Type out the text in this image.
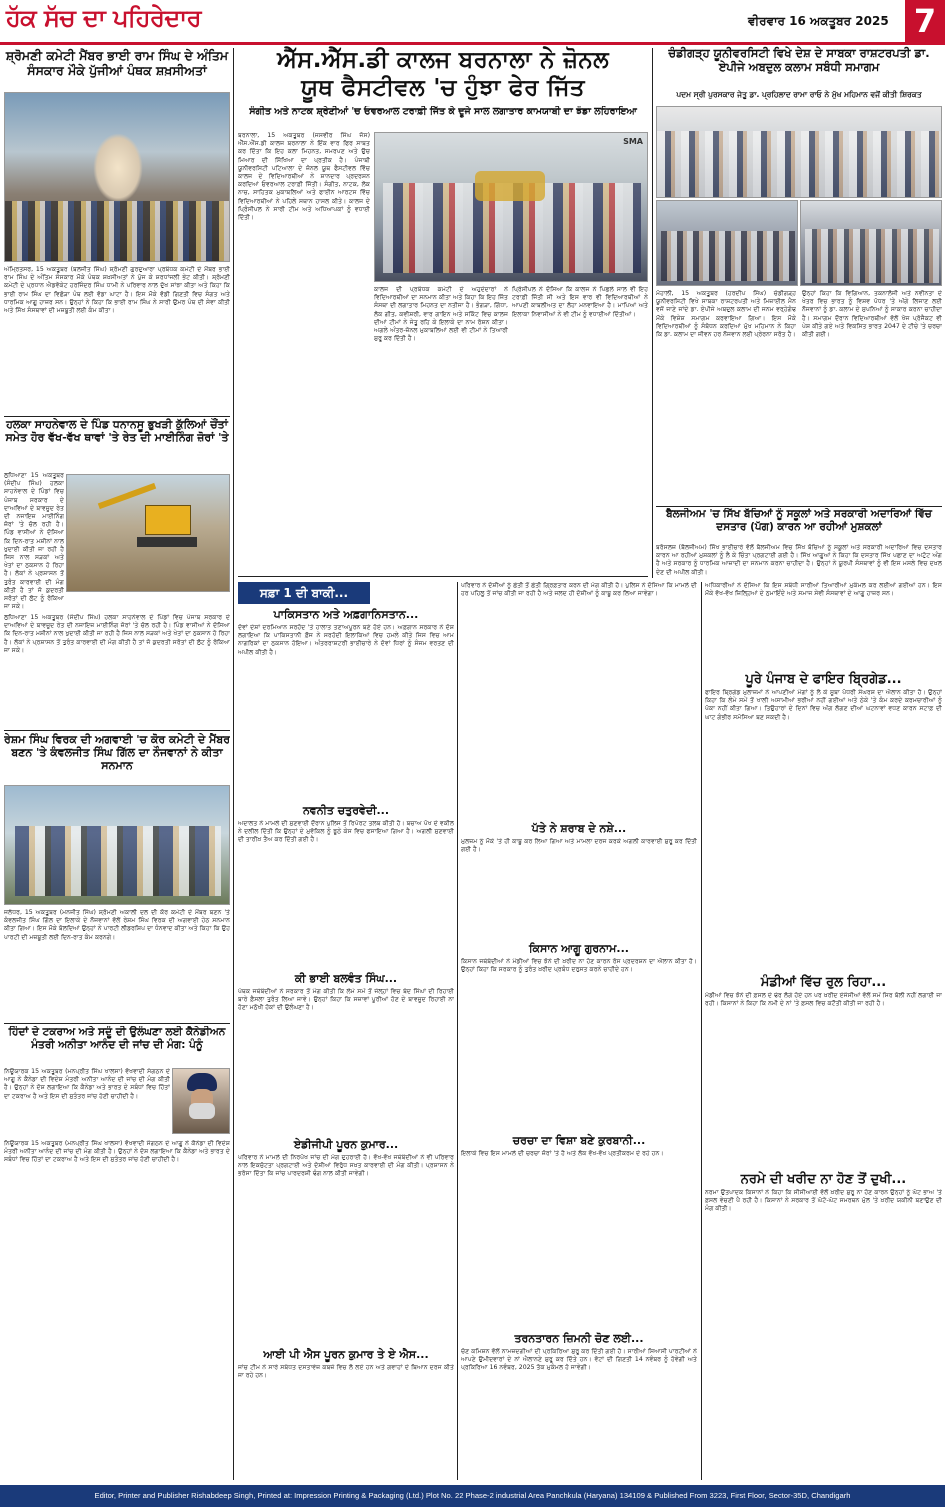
ਹੱਕ ਸੱਚ ਦਾ ਪਹਿਰੇਦਾਰ	ਵੀਰਵਾਰ 16 ਅਕਤੂਬਰ 2025 7
ਸ਼੍ਰੋਮਣੀ ਕਮੇਟੀ ਮੈਂਬਰ ਭਾਈ ਰਾਮ ਸਿੰਘ ਦੇ ਅੰਤਿਮ ਸੰਸਕਾਰ ਮੌਕੇ ਪੁੱਜੀਆਂ ਪੰਥਕ ਸ਼ਖ਼ਸੀਅਤਾਂ
ਅੰਮ੍ਰਿਤਸਰ, 15 ਅਕਤੂਬਰ (ਬਲਜੀਤ ਸਿੰਘ) ਸ਼੍ਰੋਮਣੀ ਗੁਰਦੁਆਰਾ ਪ੍ਰਬੰਧਕ ਕਮੇਟੀ ਦੇ ਮੈਂਬਰ ਭਾਈ ਰਾਮ ਸਿੰਘ ਦੇ ਅੰਤਿਮ ਸੰਸਕਾਰ ਮੌਕੇ ਪੰਥਕ ਸ਼ਖ਼ਸੀਅਤਾਂ ਨੇ ਪੁੱਜ ਕੇ ਸ਼ਰਧਾਂਜਲੀ ਭੇਟ ਕੀਤੀ। ਸ਼੍ਰੋਮਣੀ ਕਮੇਟੀ ਦੇ ਪ੍ਰਧਾਨ ਐਡਵੋਕੇਟ ਹਰਜਿੰਦਰ ਸਿੰਘ ਧਾਮੀ ਨੇ ਪਰਿਵਾਰ ਨਾਲ ਦੁੱਖ ਸਾਂਝਾ ਕੀਤਾ ਅਤੇ ਕਿਹਾ ਕਿ ਭਾਈ ਰਾਮ ਸਿੰਘ ਦਾ ਵਿਛੋੜਾ ਪੰਥ ਲਈ ਵੱਡਾ ਘਾਟਾ ਹੈ। ਇਸ ਮੌਕੇ ਵੱਡੀ ਗਿਣਤੀ ਵਿਚ ਸੰਗਤ ਅਤੇ ਧਾਰਮਿਕ ਆਗੂ ਹਾਜ਼ਰ ਸਨ। ਉਨ੍ਹਾਂ ਨੇ ਕਿਹਾ ਕਿ ਭਾਈ ਰਾਮ ਸਿੰਘ ਨੇ ਸਾਰੀ ਉਮਰ ਪੰਥ ਦੀ ਸੇਵਾ ਕੀਤੀ ਅਤੇ ਸਿੱਖ ਸੰਸਥਾਵਾਂ ਦੀ ਮਜ਼ਬੂਤੀ ਲਈ ਕੰਮ ਕੀਤਾ।
ਹਲਕਾ ਸਾਹਨੇਵਾਲ ਦੇ ਪਿੰਡ ਧਨਾਨਸੂ ਭੁਖੜੀ ਕੁੱਲਿਆਂ ਚੌਂਤਾਂ ਸਮੇਤ ਹੋਰ ਵੱਖ-ਵੱਖ ਥਾਵਾਂ 'ਤੇ ਰੇਤ ਦੀ ਮਾਈਨਿੰਗ ਜ਼ੋਰਾਂ 'ਤੇ
ਲੁਧਿਆਣਾ 15 ਅਕਤੂਬਰ (ਸੰਦੀਪ ਸਿੰਘ) ਹਲਕਾ ਸਾਹਨੇਵਾਲ ਦੇ ਪਿੰਡਾਂ ਵਿਚ ਪੰਜਾਬ ਸਰਕਾਰ ਦੇ ਦਾਅਵਿਆਂ ਦੇ ਬਾਵਜੂਦ ਰੇਤ ਦੀ ਨਜਾਇਜ਼ ਮਾਈਨਿੰਗ ਜ਼ੋਰਾਂ 'ਤੇ ਚੱਲ ਰਹੀ ਹੈ। ਪਿੰਡ ਵਾਸੀਆਂ ਨੇ ਦੱਸਿਆ ਕਿ ਦਿਨ-ਰਾਤ ਮਸ਼ੀਨਾਂ ਨਾਲ ਖੁਦਾਈ ਕੀਤੀ ਜਾ ਰਹੀ ਹੈ ਜਿਸ ਨਾਲ ਸੜਕਾਂ ਅਤੇ ਖੇਤਾਂ ਦਾ ਨੁਕਸਾਨ ਹੋ ਰਿਹਾ ਹੈ। ਲੋਕਾਂ ਨੇ ਪ੍ਰਸ਼ਾਸਨ ਤੋਂ ਤੁਰੰਤ ਕਾਰਵਾਈ ਦੀ ਮੰਗ ਕੀਤੀ ਹੈ ਤਾਂ ਜੋ ਕੁਦਰਤੀ ਸਰੋਤਾਂ ਦੀ ਲੁੱਟ ਨੂੰ ਰੋਕਿਆ ਜਾ ਸਕੇ।
ਲੁਧਿਆਣਾ 15 ਅਕਤੂਬਰ (ਸੰਦੀਪ ਸਿੰਘ) ਹਲਕਾ ਸਾਹਨੇਵਾਲ ਦੇ ਪਿੰਡਾਂ ਵਿਚ ਪੰਜਾਬ ਸਰਕਾਰ ਦੇ ਦਾਅਵਿਆਂ ਦੇ ਬਾਵਜੂਦ ਰੇਤ ਦੀ ਨਜਾਇਜ਼ ਮਾਈਨਿੰਗ ਜ਼ੋਰਾਂ 'ਤੇ ਚੱਲ ਰਹੀ ਹੈ। ਪਿੰਡ ਵਾਸੀਆਂ ਨੇ ਦੱਸਿਆ ਕਿ ਦਿਨ-ਰਾਤ ਮਸ਼ੀਨਾਂ ਨਾਲ ਖੁਦਾਈ ਕੀਤੀ ਜਾ ਰਹੀ ਹੈ ਜਿਸ ਨਾਲ ਸੜਕਾਂ ਅਤੇ ਖੇਤਾਂ ਦਾ ਨੁਕਸਾਨ ਹੋ ਰਿਹਾ ਹੈ। ਲੋਕਾਂ ਨੇ ਪ੍ਰਸ਼ਾਸਨ ਤੋਂ ਤੁਰੰਤ ਕਾਰਵਾਈ ਦੀ ਮੰਗ ਕੀਤੀ ਹੈ ਤਾਂ ਜੋ ਕੁਦਰਤੀ ਸਰੋਤਾਂ ਦੀ ਲੁੱਟ ਨੂੰ ਰੋਕਿਆ ਜਾ ਸਕੇ।
ਰੇਸ਼ਮ ਸਿੰਘ ਵਿਰਕ ਦੀ ਅਗਵਾਈ 'ਚ ਕੋਰ ਕਮੇਟੀ ਦੇ ਮੈਂਬਰ ਬਣਨ 'ਤੇ ਕੰਵਲਜੀਤ ਸਿੰਘ ਗਿੱਲ ਦਾ ਨੌਜਵਾਨਾਂ ਨੇ ਕੀਤਾ ਸਨਮਾਨ
ਜਲੰਧਰ, 15 ਅਕਤੂਬਰ (ਮਨਜੀਤ ਸਿੰਘ) ਸ਼੍ਰੋਮਣੀ ਅਕਾਲੀ ਦਲ ਦੀ ਕੋਰ ਕਮੇਟੀ ਦੇ ਮੈਂਬਰ ਬਣਨ 'ਤੇ ਕੰਵਲਜੀਤ ਸਿੰਘ ਗਿੱਲ ਦਾ ਇਲਾਕੇ ਦੇ ਨੌਜਵਾਨਾਂ ਵੱਲੋਂ ਰੇਸ਼ਮ ਸਿੰਘ ਵਿਰਕ ਦੀ ਅਗਵਾਈ ਹੇਠ ਸਨਮਾਨ ਕੀਤਾ ਗਿਆ। ਇਸ ਮੌਕੇ ਬੋਲਦਿਆਂ ਉਨ੍ਹਾਂ ਨੇ ਪਾਰਟੀ ਲੀਡਰਸ਼ਿਪ ਦਾ ਧੰਨਵਾਦ ਕੀਤਾ ਅਤੇ ਕਿਹਾ ਕਿ ਉਹ ਪਾਰਟੀ ਦੀ ਮਜ਼ਬੂਤੀ ਲਈ ਦਿਨ-ਰਾਤ ਕੰਮ ਕਰਨਗੇ।
ਹਿੰਦਾਂ ਦੇ ਟਕਰਾਅ ਅਤੇ ਸਦੂੰ ਦੀ ਉਲੰਘਣਾ ਲਈ ਕੈਨੇਡੀਅਨ ਮੰਤਰੀ ਅਨੀਤਾ ਆਨੰਦ ਦੀ ਜਾਂਚ ਦੀ ਮੰਗ: ਪੰਨੂੰ
ਨਿਊਯਾਰਕ 15 ਅਕਤੂਬਰ (ਮਨਪ੍ਰੀਤ ਸਿੰਘ ਖਾਲਸਾ) ਵੱਖਵਾਦੀ ਸੰਗਠਨ ਦੇ ਆਗੂ ਨੇ ਕੈਨੇਡਾ ਦੀ ਵਿਦੇਸ਼ ਮੰਤਰੀ ਅਨੀਤਾ ਆਨੰਦ ਦੀ ਜਾਂਚ ਦੀ ਮੰਗ ਕੀਤੀ ਹੈ। ਉਨ੍ਹਾਂ ਨੇ ਦੋਸ਼ ਲਗਾਇਆ ਕਿ ਕੈਨੇਡਾ ਅਤੇ ਭਾਰਤ ਦੇ ਸਬੰਧਾਂ ਵਿਚ ਹਿੱਤਾਂ ਦਾ ਟਕਰਾਅ ਹੈ ਅਤੇ ਇਸ ਦੀ ਸੁਤੰਤਰ ਜਾਂਚ ਹੋਣੀ ਚਾਹੀਦੀ ਹੈ।
ਨਿਊਯਾਰਕ 15 ਅਕਤੂਬਰ (ਮਨਪ੍ਰੀਤ ਸਿੰਘ ਖਾਲਸਾ) ਵੱਖਵਾਦੀ ਸੰਗਠਨ ਦੇ ਆਗੂ ਨੇ ਕੈਨੇਡਾ ਦੀ ਵਿਦੇਸ਼ ਮੰਤਰੀ ਅਨੀਤਾ ਆਨੰਦ ਦੀ ਜਾਂਚ ਦੀ ਮੰਗ ਕੀਤੀ ਹੈ। ਉਨ੍ਹਾਂ ਨੇ ਦੋਸ਼ ਲਗਾਇਆ ਕਿ ਕੈਨੇਡਾ ਅਤੇ ਭਾਰਤ ਦੇ ਸਬੰਧਾਂ ਵਿਚ ਹਿੱਤਾਂ ਦਾ ਟਕਰਾਅ ਹੈ ਅਤੇ ਇਸ ਦੀ ਸੁਤੰਤਰ ਜਾਂਚ ਹੋਣੀ ਚਾਹੀਦੀ ਹੈ।
ਐੱਸ.ਐੱਸ.ਡੀ ਕਾਲਜ ਬਰਨਾਲਾ ਨੇ ਜ਼ੋਨਲ
ਯੂਥ ਫੈਸਟੀਵਲ 'ਚ ਹੁੰਝਾ ਫੇਰ ਜਿੱਤ
ਸੰਗੀਤ ਅਤੇ ਨਾਟਕ ਸ਼੍ਰੇਣੀਆਂ 'ਚ ਓਵਰਆਲ ਟਰਾਫ਼ੀ ਜਿੱਤ ਕੇ ਦੂਜੇ ਸਾਲ ਲਗਾਤਾਰ ਕਾਮਯਾਬੀ ਦਾ ਝੰਡਾ ਲਹਿਰਾਇਆ
ਬਰਨਾਲਾ, 15 ਅਕਤੂਬਰ (ਜਸਵੀਰ ਸਿੰਘ ਜੱਸ) ਐੱਸ.ਐੱਸ.ਡੀ ਕਾਲਜ ਬਰਨਾਲਾ ਨੇ ਇੱਕ ਵਾਰ ਫਿਰ ਸਾਬਤ ਕਰ ਦਿੱਤਾ ਕਿ ਇਹ ਕਲਾ ਮਿਹਨਤ, ਸਮਰਪਣ ਅਤੇ ਉਚ ਮਿਆਰ ਦੀ ਸਿੱਖਿਆ ਦਾ ਪ੍ਰਤੀਕ ਹੈ। ਪੰਜਾਬੀ ਯੂਨੀਵਰਸਿਟੀ ਪਟਿਆਲਾ ਦੇ ਜ਼ੋਨਲ ਯੂਥ ਫੈਸਟੀਵਲ ਵਿੱਚ ਕਾਲਜ ਦੇ ਵਿਦਿਆਰਥੀਆਂ ਨੇ ਸ਼ਾਨਦਾਰ ਪ੍ਰਦਰਸ਼ਨ ਕਰਦਿਆਂ ਓਵਰਆਲ ਟਰਾਫ਼ੀ ਜਿੱਤੀ। ਸੰਗੀਤ, ਨਾਟਕ, ਲੋਕ ਨਾਚ, ਸਾਹਿਤਕ ਮੁਕਾਬਲਿਆਂ ਅਤੇ ਫਾਈਨ ਆਰਟਸ ਵਿੱਚ ਵਿਦਿਆਰਥੀਆਂ ਨੇ ਪਹਿਲੇ ਸਥਾਨ ਹਾਸਲ ਕੀਤੇ। ਕਾਲਜ ਦੇ ਪ੍ਰਿੰਸੀਪਲ ਨੇ ਸਾਰੀ ਟੀਮ ਅਤੇ ਅਧਿਆਪਕਾਂ ਨੂੰ ਵਧਾਈ ਦਿੱਤੀ।
SMA
ਕਾਲਜ ਦੀ ਪ੍ਰਬੰਧਕ ਕਮੇਟੀ ਦੇ ਅਹੁਦੇਦਾਰਾਂ ਨੇ ਵਿਦਿਆਰਥੀਆਂ ਦਾ ਸਨਮਾਨ ਕੀਤਾ ਅਤੇ ਕਿਹਾ ਕਿ ਇਹ ਜਿੱਤ ਸੰਸਥਾ ਦੀ ਲਗਾਤਾਰ ਮਿਹਨਤ ਦਾ ਨਤੀਜਾ ਹੈ। ਭੰਗੜਾ, ਗਿੱਧਾ, ਲੋਕ ਗੀਤ, ਕਵੀਸ਼ਰੀ, ਵਾਰ ਗਾਇਨ ਅਤੇ ਸਕਿੱਟ ਵਿਚ ਕਾਲਜ ਦੀਆਂ ਟੀਮਾਂ ਨੇ ਜੇਤੂ ਰਹਿ ਕੇ ਇਲਾਕੇ ਦਾ ਨਾਮ ਰੋਸ਼ਨ ਕੀਤਾ। ਅਗਲੇ ਅੰਤਰ-ਜ਼ੋਨਲ ਮੁਕਾਬਲਿਆਂ ਲਈ ਵੀ ਟੀਮਾਂ ਨੇ ਤਿਆਰੀ ਸ਼ੁਰੂ ਕਰ ਦਿੱਤੀ ਹੈ।
ਪ੍ਰਿੰਸੀਪਲ ਨੇ ਦੱਸਿਆ ਕਿ ਕਾਲਜ ਨੇ ਪਿਛਲੇ ਸਾਲ ਵੀ ਇਹ ਟਰਾਫ਼ੀ ਜਿੱਤੀ ਸੀ ਅਤੇ ਇਸ ਵਾਰ ਵੀ ਵਿਦਿਆਰਥੀਆਂ ਨੇ ਆਪਣੀ ਕਾਬਲੀਅਤ ਦਾ ਲੋਹਾ ਮਨਵਾਇਆ ਹੈ। ਮਾਪਿਆਂ ਅਤੇ ਇਲਾਕਾ ਨਿਵਾਸੀਆਂ ਨੇ ਵੀ ਟੀਮ ਨੂੰ ਵਧਾਈਆਂ ਦਿੱਤੀਆਂ।
ਚੰਡੀਗੜ੍ਹ ਯੂਨੀਵਰਸਿਟੀ ਵਿਖੇ ਦੇਸ਼ ਦੇ ਸਾਬਕਾ ਰਾਸ਼ਟਰਪਤੀ ਡਾ. ਏਪੀਜੇ ਅਬਦੁਲ ਕਲਾਮ ਸਬੰਧੀ ਸਮਾਗਮ
ਪਦਮ ਸ੍ਰੀ ਪੁਰਸਕਾਰ ਜੇਤੂ ਡਾ. ਪ੍ਰਹਿਲਾਦ ਰਾਮਾ ਰਾਓ ਨੇ ਮੁੱਖ ਮਹਿਮਾਨ ਵਜੋਂ ਕੀਤੀ ਸ਼ਿਰਕਤ
ਮੋਹਾਲੀ, 15 ਅਕਤੂਬਰ (ਹਰਦੀਪ ਸਿੰਘ) ਚੰਡੀਗੜ੍ਹ ਯੂਨੀਵਰਸਿਟੀ ਵਿਖੇ ਸਾਬਕਾ ਰਾਸ਼ਟਰਪਤੀ ਅਤੇ ਮਿਜ਼ਾਈਲ ਮੈਨ ਵਜੋਂ ਜਾਣੇ ਜਾਂਦੇ ਡਾ. ਏਪੀਜੇ ਅਬਦੁਲ ਕਲਾਮ ਦੀ ਜਨਮ ਵਰ੍ਹੇਗੰਢ ਮੌਕੇ ਵਿਸ਼ੇਸ਼ ਸਮਾਗਮ ਕਰਵਾਇਆ ਗਿਆ। ਇਸ ਮੌਕੇ ਵਿਦਿਆਰਥੀਆਂ ਨੂੰ ਸੰਬੋਧਨ ਕਰਦਿਆਂ ਮੁੱਖ ਮਹਿਮਾਨ ਨੇ ਕਿਹਾ ਕਿ ਡਾ. ਕਲਾਮ ਦਾ ਜੀਵਨ ਹਰ ਨੌਜਵਾਨ ਲਈ ਪ੍ਰੇਰਨਾ ਸਰੋਤ ਹੈ।
ਉਨ੍ਹਾਂ ਕਿਹਾ ਕਿ ਵਿਗਿਆਨ, ਤਕਨਾਲੋਜੀ ਅਤੇ ਨਵੀਨਤਾ ਦੇ ਖੇਤਰ ਵਿਚ ਭਾਰਤ ਨੂੰ ਵਿਸ਼ਵ ਪੱਧਰ 'ਤੇ ਅੱਗੇ ਲਿਜਾਣ ਲਈ ਨੌਜਵਾਨਾਂ ਨੂੰ ਡਾ. ਕਲਾਮ ਦੇ ਸੁਪਨਿਆਂ ਨੂੰ ਸਾਕਾਰ ਕਰਨਾ ਚਾਹੀਦਾ ਹੈ। ਸਮਾਗਮ ਦੌਰਾਨ ਵਿਦਿਆਰਥੀਆਂ ਵੱਲੋਂ ਖੋਜ ਪ੍ਰੋਜੈਕਟ ਵੀ ਪੇਸ਼ ਕੀਤੇ ਗਏ ਅਤੇ ਵਿਕਸਿਤ ਭਾਰਤ 2047 ਦੇ ਟੀਚੇ 'ਤੇ ਚਰਚਾ ਕੀਤੀ ਗਈ।
ਬੈਲਜੀਅਮ 'ਚ ਸਿੱਖ ਬੱਚਿਆਂ ਨੂੰ ਸਕੂਲਾਂ ਅਤੇ ਸਰਕਾਰੀ ਅਦਾਰਿਆਂ ਵਿੱਚ ਦਸਤਾਰ (ਪੱਗ) ਕਾਰਨ ਆ ਰਹੀਆਂ ਮੁਸ਼ਕਲਾਂ
ਬਰੱਸਲਜ਼ (ਬੈਲਜੀਅਮ) ਸਿੱਖ ਭਾਈਚਾਰੇ ਵੱਲੋਂ ਬੈਲਜੀਅਮ ਵਿਚ ਸਿੱਖ ਬੱਚਿਆਂ ਨੂੰ ਸਕੂਲਾਂ ਅਤੇ ਸਰਕਾਰੀ ਅਦਾਰਿਆਂ ਵਿਚ ਦਸਤਾਰ ਕਾਰਨ ਆ ਰਹੀਆਂ ਮੁਸ਼ਕਲਾਂ ਨੂੰ ਲੈ ਕੇ ਚਿੰਤਾ ਪ੍ਰਗਟਾਈ ਗਈ ਹੈ। ਸਿੱਖ ਆਗੂਆਂ ਨੇ ਕਿਹਾ ਕਿ ਦਸਤਾਰ ਸਿੱਖ ਪਛਾਣ ਦਾ ਅਟੁੱਟ ਅੰਗ ਹੈ ਅਤੇ ਸਰਕਾਰ ਨੂੰ ਧਾਰਮਿਕ ਆਜ਼ਾਦੀ ਦਾ ਸਨਮਾਨ ਕਰਨਾ ਚਾਹੀਦਾ ਹੈ। ਉਨ੍ਹਾਂ ਨੇ ਯੂਰਪੀ ਸੰਸਥਾਵਾਂ ਨੂੰ ਵੀ ਇਸ ਮਸਲੇ ਵਿਚ ਦਖ਼ਲ ਦੇਣ ਦੀ ਅਪੀਲ ਕੀਤੀ।
ਸਫ਼ਾ 1 ਦੀ ਬਾਕੀ...
ਪਾਕਿਸਤਾਨ ਅਤੇ ਅਫ਼ਗਾਨਿਸਤਾਨ...
ਦੋਵਾਂ ਦੇਸ਼ਾਂ ਦਰਮਿਆਨ ਸਰਹੱਦ 'ਤੇ ਹਾਲਾਤ ਤਣਾਅਪੂਰਨ ਬਣੇ ਹੋਏ ਹਨ। ਅਫ਼ਗਾਨ ਸਰਕਾਰ ਨੇ ਦੋਸ਼ ਲਗਾਇਆ ਕਿ ਪਾਕਿਸਤਾਨੀ ਫ਼ੌਜ ਨੇ ਸਰਹੱਦੀ ਇਲਾਕਿਆਂ ਵਿਚ ਹਮਲੇ ਕੀਤੇ ਜਿਸ ਵਿਚ ਆਮ ਨਾਗਰਿਕਾਂ ਦਾ ਨੁਕਸਾਨ ਹੋਇਆ। ਅੰਤਰਰਾਸ਼ਟਰੀ ਭਾਈਚਾਰੇ ਨੇ ਦੋਵਾਂ ਧਿਰਾਂ ਨੂੰ ਸੰਜਮ ਵਰਤਣ ਦੀ ਅਪੀਲ ਕੀਤੀ ਹੈ।
ਨਵਨੀਤ ਚਤੁਰਵੇਦੀ...
ਅਦਾਲਤ ਨੇ ਮਾਮਲੇ ਦੀ ਸੁਣਵਾਈ ਦੌਰਾਨ ਪੁਲਿਸ ਤੋਂ ਰਿਪੋਰਟ ਤਲਬ ਕੀਤੀ ਹੈ। ਬਚਾਅ ਪੱਖ ਦੇ ਵਕੀਲ ਨੇ ਦਲੀਲ ਦਿੱਤੀ ਕਿ ਉਨ੍ਹਾਂ ਦੇ ਮੁਵੱਕਿਲ ਨੂੰ ਝੂਠੇ ਕੇਸ ਵਿਚ ਫਸਾਇਆ ਗਿਆ ਹੈ। ਅਗਲੀ ਸੁਣਵਾਈ ਦੀ ਤਾਰੀਖ਼ ਤੈਅ ਕਰ ਦਿੱਤੀ ਗਈ ਹੈ।
ਕੀ ਭਾਈ ਬਲਵੰਤ ਸਿੰਘ...
ਪੰਥਕ ਜਥੇਬੰਦੀਆਂ ਨੇ ਸਰਕਾਰ ਤੋਂ ਮੰਗ ਕੀਤੀ ਕਿ ਲੰਮੇ ਸਮੇਂ ਤੋਂ ਜੇਲ੍ਹਾਂ ਵਿਚ ਬੰਦ ਸਿੰਘਾਂ ਦੀ ਰਿਹਾਈ ਬਾਰੇ ਫ਼ੈਸਲਾ ਤੁਰੰਤ ਲਿਆ ਜਾਵੇ। ਉਨ੍ਹਾਂ ਕਿਹਾ ਕਿ ਸਜ਼ਾਵਾਂ ਪੂਰੀਆਂ ਹੋਣ ਦੇ ਬਾਵਜੂਦ ਰਿਹਾਈ ਨਾ ਹੋਣਾ ਮਨੁੱਖੀ ਹੱਕਾਂ ਦੀ ਉਲੰਘਣਾ ਹੈ।
ਏਡੀਜੀਪੀ ਪੂਰਨ ਕੁਮਾਰ...
ਪਰਿਵਾਰ ਨੇ ਮਾਮਲੇ ਦੀ ਨਿਰਪੱਖ ਜਾਂਚ ਦੀ ਮੰਗ ਦੁਹਰਾਈ ਹੈ। ਵੱਖ-ਵੱਖ ਜਥੇਬੰਦੀਆਂ ਨੇ ਵੀ ਪਰਿਵਾਰ ਨਾਲ ਇਕਜੁੱਟਤਾ ਪ੍ਰਗਟਾਈ ਅਤੇ ਦੋਸ਼ੀਆਂ ਵਿਰੁੱਧ ਸਖ਼ਤ ਕਾਰਵਾਈ ਦੀ ਮੰਗ ਕੀਤੀ। ਪ੍ਰਸ਼ਾਸਨ ਨੇ ਭਰੋਸਾ ਦਿੱਤਾ ਕਿ ਜਾਂਚ ਪਾਰਦਰਸ਼ੀ ਢੰਗ ਨਾਲ ਕੀਤੀ ਜਾਵੇਗੀ।
ਆਈ ਪੀ ਐਸ ਪੂਰਨ ਕੁਮਾਰ ਤੇ ਏ ਐਸ...
ਜਾਂਚ ਟੀਮ ਨੇ ਸਾਰੇ ਸਬੰਧਤ ਦਸਤਾਵੇਜ਼ ਕਬਜ਼ੇ ਵਿਚ ਲੈ ਲਏ ਹਨ ਅਤੇ ਗਵਾਹਾਂ ਦੇ ਬਿਆਨ ਦਰਜ ਕੀਤੇ ਜਾ ਰਹੇ ਹਨ।
ਪਰਿਵਾਰ ਨੇ ਦੋਸ਼ੀਆਂ ਨੂੰ ਛੇਤੀ ਤੋਂ ਛੇਤੀ ਗ੍ਰਿਫ਼ਤਾਰ ਕਰਨ ਦੀ ਮੰਗ ਕੀਤੀ ਹੈ। ਪੁਲਿਸ ਨੇ ਦੱਸਿਆ ਕਿ ਮਾਮਲੇ ਦੀ ਹਰ ਪਹਿਲੂ ਤੋਂ ਜਾਂਚ ਕੀਤੀ ਜਾ ਰਹੀ ਹੈ ਅਤੇ ਜਲਦ ਹੀ ਦੋਸ਼ੀਆਂ ਨੂੰ ਕਾਬੂ ਕਰ ਲਿਆ ਜਾਵੇਗਾ।
ਪੱਤੇ ਨੇ ਸ਼ਰਾਬ ਦੇ ਨਸ਼ੇ...
ਮੁਲਜ਼ਮ ਨੂੰ ਮੌਕੇ 'ਤੇ ਹੀ ਕਾਬੂ ਕਰ ਲਿਆ ਗਿਆ ਅਤੇ ਮਾਮਲਾ ਦਰਜ ਕਰਕੇ ਅਗਲੀ ਕਾਰਵਾਈ ਸ਼ੁਰੂ ਕਰ ਦਿੱਤੀ ਗਈ ਹੈ।
ਕਿਸਾਨ ਆਗੂ ਗੁਰਨਾਮ...
ਕਿਸਾਨ ਜਥੇਬੰਦੀਆਂ ਨੇ ਮੰਡੀਆਂ ਵਿਚ ਝੋਨੇ ਦੀ ਖ਼ਰੀਦ ਨਾ ਹੋਣ ਕਾਰਨ ਰੋਸ ਪ੍ਰਦਰਸ਼ਨ ਦਾ ਐਲਾਨ ਕੀਤਾ ਹੈ। ਉਨ੍ਹਾਂ ਕਿਹਾ ਕਿ ਸਰਕਾਰ ਨੂੰ ਤੁਰੰਤ ਖ਼ਰੀਦ ਪ੍ਰਬੰਧ ਦਰੁਸਤ ਕਰਨੇ ਚਾਹੀਦੇ ਹਨ।
ਚਰਚਾ ਦਾ ਵਿਸ਼ਾ ਬਣੇ ਕੁਰਬਾਨੀ...
ਇਲਾਕੇ ਵਿਚ ਇਸ ਮਾਮਲੇ ਦੀ ਚਰਚਾ ਜ਼ੋਰਾਂ 'ਤੇ ਹੈ ਅਤੇ ਲੋਕ ਵੱਖ-ਵੱਖ ਪ੍ਰਤੀਕਰਮ ਦੇ ਰਹੇ ਹਨ।
ਤਰਨਤਾਰਨ ਜ਼ਿਮਨੀ ਚੋਣ ਲਈ...
ਚੋਣ ਕਮਿਸ਼ਨ ਵੱਲੋਂ ਨਾਮਜ਼ਦਗੀਆਂ ਦੀ ਪ੍ਰਕਿਰਿਆ ਸ਼ੁਰੂ ਕਰ ਦਿੱਤੀ ਗਈ ਹੈ। ਸਾਰੀਆਂ ਸਿਆਸੀ ਪਾਰਟੀਆਂ ਨੇ ਆਪਣੇ ਉਮੀਦਵਾਰਾਂ ਦੇ ਨਾਂ ਐਲਾਨਣੇ ਸ਼ੁਰੂ ਕਰ ਦਿੱਤੇ ਹਨ। ਵੋਟਾਂ ਦੀ ਗਿਣਤੀ 14 ਨਵੰਬਰ ਨੂੰ ਹੋਵੇਗੀ ਅਤੇ ਪ੍ਰਕਿਰਿਆ 16 ਨਵੰਬਰ, 2025 ਤੱਕ ਮੁਕੰਮਲ ਹੋ ਜਾਵੇਗੀ।
ਅਧਿਕਾਰੀਆਂ ਨੇ ਦੱਸਿਆ ਕਿ ਇਸ ਸਬੰਧੀ ਸਾਰੀਆਂ ਤਿਆਰੀਆਂ ਮੁਕੰਮਲ ਕਰ ਲਈਆਂ ਗਈਆਂ ਹਨ। ਇਸ ਮੌਕੇ ਵੱਖ-ਵੱਖ ਜ਼ਿਲ੍ਹਿਆਂ ਦੇ ਨੁਮਾਇੰਦੇ ਅਤੇ ਸਮਾਜ ਸੇਵੀ ਸੰਸਥਾਵਾਂ ਦੇ ਆਗੂ ਹਾਜ਼ਰ ਸਨ।
ਪੂਰੇ ਪੰਜਾਬ ਦੇ ਫਾਇਰ ਬ੍ਰਿਗੇਡ...
ਫਾਇਰ ਬ੍ਰਿਗੇਡ ਮੁਲਾਜ਼ਮਾਂ ਨੇ ਆਪਣੀਆਂ ਮੰਗਾਂ ਨੂੰ ਲੈ ਕੇ ਸੂਬਾ ਪੱਧਰੀ ਸੰਘਰਸ਼ ਦਾ ਐਲਾਨ ਕੀਤਾ ਹੈ। ਉਨ੍ਹਾਂ ਕਿਹਾ ਕਿ ਲੰਮੇ ਸਮੇਂ ਤੋਂ ਖਾਲੀ ਅਸਾਮੀਆਂ ਭਰੀਆਂ ਨਹੀਂ ਗਈਆਂ ਅਤੇ ਠੇਕੇ 'ਤੇ ਕੰਮ ਕਰਦੇ ਕਰਮਚਾਰੀਆਂ ਨੂੰ ਪੱਕਾ ਨਹੀਂ ਕੀਤਾ ਗਿਆ। ਤਿਉਹਾਰਾਂ ਦੇ ਦਿਨਾਂ ਵਿਚ ਅੱਗ ਲੱਗਣ ਦੀਆਂ ਘਟਨਾਵਾਂ ਵਧਣ ਕਾਰਨ ਸਟਾਫ਼ ਦੀ ਘਾਟ ਗੰਭੀਰ ਸਮੱਸਿਆ ਬਣ ਸਕਦੀ ਹੈ।
ਮੰਡੀਆਂ ਵਿੱਚ ਰੁਲ ਰਿਹਾ...
ਮੰਡੀਆਂ ਵਿਚ ਝੋਨੇ ਦੀ ਫ਼ਸਲ ਦੇ ਢੇਰ ਲੱਗੇ ਹੋਏ ਹਨ ਪਰ ਖ਼ਰੀਦ ਏਜੰਸੀਆਂ ਵੱਲੋਂ ਸਮੇਂ ਸਿਰ ਬੋਲੀ ਨਹੀਂ ਲਗਾਈ ਜਾ ਰਹੀ। ਕਿਸਾਨਾਂ ਨੇ ਕਿਹਾ ਕਿ ਨਮੀ ਦੇ ਨਾਂ 'ਤੇ ਫ਼ਸਲ ਵਿਚ ਕਟੌਤੀ ਕੀਤੀ ਜਾ ਰਹੀ ਹੈ।
ਨਰਮੇ ਦੀ ਖਰੀਦ ਨਾ ਹੋਣ ਤੋਂ ਦੁਖੀ...
ਨਰਮਾ ਉਤਪਾਦਕ ਕਿਸਾਨਾਂ ਨੇ ਕਿਹਾ ਕਿ ਸੀਸੀਆਈ ਵੱਲੋਂ ਖ਼ਰੀਦ ਸ਼ੁਰੂ ਨਾ ਹੋਣ ਕਾਰਨ ਉਨ੍ਹਾਂ ਨੂੰ ਘੱਟ ਭਾਅ 'ਤੇ ਫ਼ਸਲ ਵੇਚਣੀ ਪੈ ਰਹੀ ਹੈ। ਕਿਸਾਨਾਂ ਨੇ ਸਰਕਾਰ ਤੋਂ ਘੱਟੋ-ਘੱਟ ਸਮਰਥਨ ਮੁੱਲ 'ਤੇ ਖ਼ਰੀਦ ਯਕੀਨੀ ਬਣਾਉਣ ਦੀ ਮੰਗ ਕੀਤੀ।
Editor, Printer and Publisher Rishabdeep Singh, Printed at: Impression Printing & Packaging (Ltd.) Plot No. 22 Phase-2 industrial Area Panchkula (Haryana) 134109 & Published From 3223, First Floor, Sector-35D, Chandigarh
